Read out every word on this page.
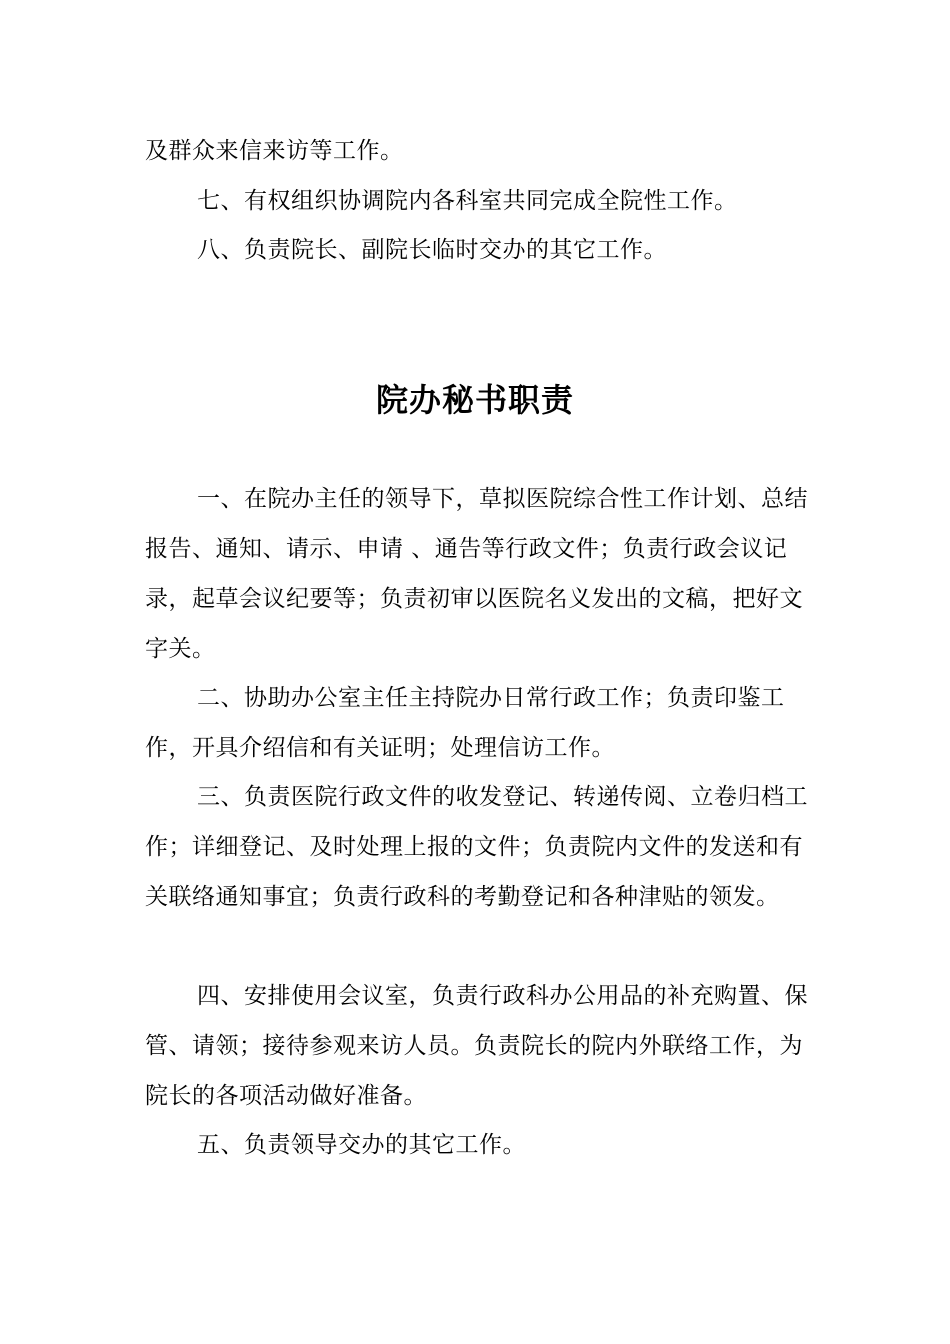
及群众来信来访等工作。

七、有权组织协调院内各科室共同完成全院性工作。

八、负责院长、副院长临时交办的其它工作。

院办秘书职责

一、在院办主任的领导下，草拟医院综合性工作计划、总结报告、通知、请示、申请 、通告等行政文件；负责行政会议记录，起草会议纪要等；负责初审以医院名义发出的文稿，把好文字关。

二、协助办公室主任主持院办日常行政工作；负责印鉴工作，开具介绍信和有关证明；处理信访工作。

三、负责医院行政文件的收发登记、转递传阅、立卷归档工作；详细登记、及时处理上报的文件；负责院内文件的发送和有关联络通知事宜；负责行政科的考勤登记和各种津贴的领发。

四、安排使用会议室，负责行政科办公用品的补充购置、保管、请领；接待参观来访人员。负责院长的院内外联络工作，为院长的各项活动做好准备。

五、负责领导交办的其它工作。
